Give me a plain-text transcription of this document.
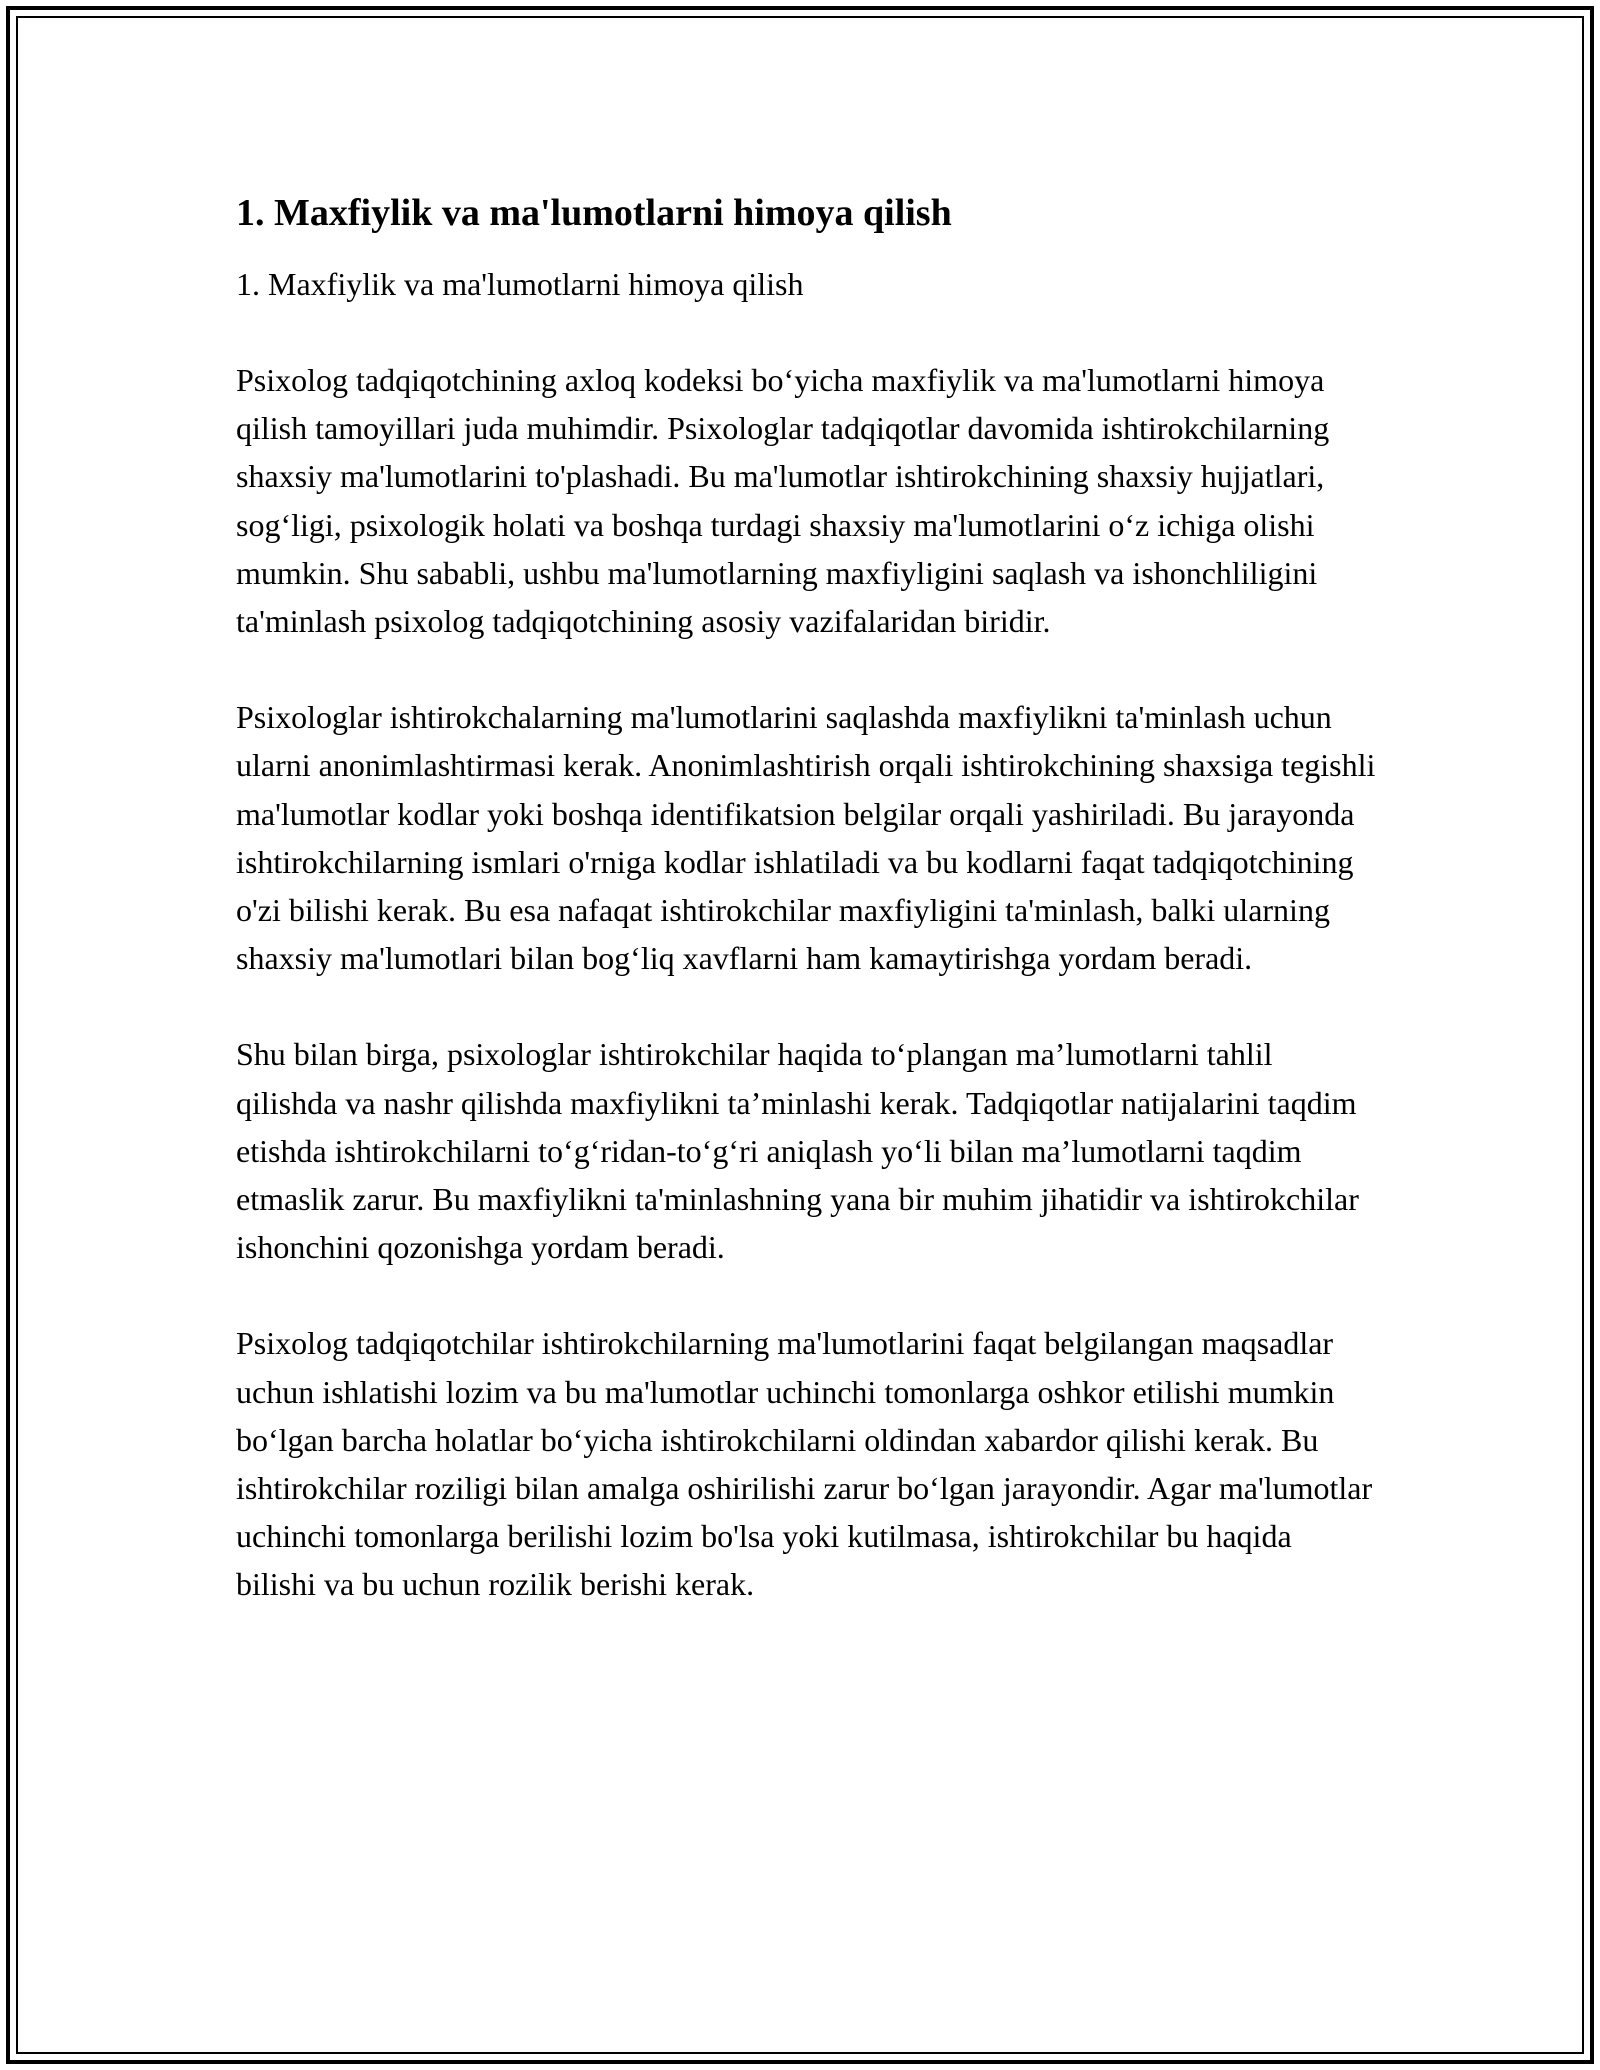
1. Maxfiylik va ma'lumotlarni himoya qilish

1. Maxfiylik va ma'lumotlarni himoya qilish

Psixolog tadqiqotchining axloq kodeksi bo‘yicha maxfiylik va ma'lumotlarni himoya qilish tamoyillari juda muhimdir. Psixologlar tadqiqotlar davomida ishtirokchilarning shaxsiy ma'lumotlarini to'plashadi. Bu ma'lumotlar ishtirokchining shaxsiy hujjatlari, sog‘ligi, psixologik holati va boshqa turdagi shaxsiy ma'lumotlarini o‘z ichiga olishi mumkin. Shu sababli, ushbu ma'lumotlarning maxfiyligini saqlash va ishonchliligini ta'minlash psixolog tadqiqotchining asosiy vazifalaridan biridir.

Psixologlar ishtirokchalarning ma'lumotlarini saqlashda maxfiylikni ta'minlash uchun ularni anonimlashtirmasi kerak. Anonimlashtirish orqali ishtirokchining shaxsiga tegishli ma'lumotlar kodlar yoki boshqa identifikatsion belgilar orqali yashiriladi. Bu jarayonda ishtirokchilarning ismlari o'rniga kodlar ishlatiladi va bu kodlarni faqat tadqiqotchining o'zi bilishi kerak. Bu esa nafaqat ishtirokchilar maxfiyligini ta'minlash, balki ularning shaxsiy ma'lumotlari bilan bog‘liq xavflarni ham kamaytirishga yordam beradi.

Shu bilan birga, psixologlar ishtirokchilar haqida to‘plangan ma’lumotlarni tahlil qilishda va nashr qilishda maxfiylikni ta’minlashi kerak. Tadqiqotlar natijalarini taqdim etishda ishtirokchilarni to‘g‘ridan-to‘g‘ri aniqlash yo‘li bilan ma’lumotlarni taqdim etmaslik zarur. Bu maxfiylikni ta'minlashning yana bir muhim jihatidir va ishtirokchilar ishonchini qozonishga yordam beradi.

Psixolog tadqiqotchilar ishtirokchilarning ma'lumotlarini faqat belgilangan maqsadlar uchun ishlatishi lozim va bu ma'lumotlar uchinchi tomonlarga oshkor etilishi mumkin bo‘lgan barcha holatlar bo‘yicha ishtirokchilarni oldindan xabardor qilishi kerak. Bu ishtirokchilar roziligi bilan amalga oshirilishi zarur bo‘lgan jarayondir. Agar ma'lumotlar uchinchi tomonlarga berilishi lozim bo'lsa yoki kutilmasa, ishtirokchilar bu haqida bilishi va bu uchun rozilik berishi kerak.
